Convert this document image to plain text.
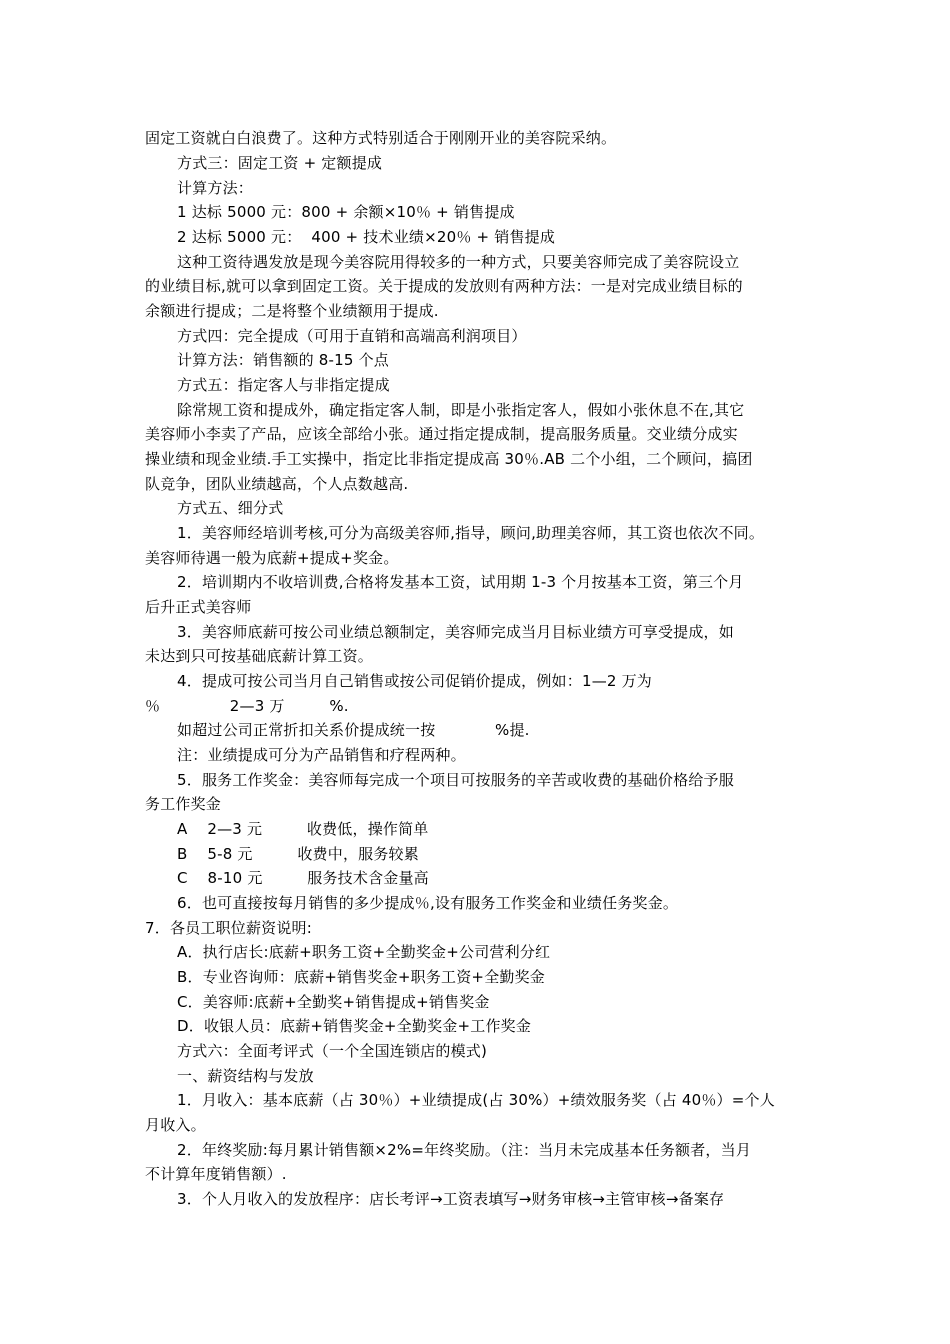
固定工资就白白浪费了。这种方式特别适合于刚刚开业的美容院采纳。
方式三：固定工资 + 定额提成
计算方法：
1 达标 5000 元：800 + 余额×10％ + 销售提成
2 达标 5000 元：  400 + 技术业绩×20％ + 销售提成
这种工资待遇发放是现今美容院用得较多的一种方式，只要美容师完成了美容院设立
的业绩目标,就可以拿到固定工资。关于提成的发放则有两种方法：一是对完成业绩目标的
余额进行提成；二是将整个业绩额用于提成.
方式四：完全提成（可用于直销和高端高利润项目）
计算方法：销售额的 8-15 个点
方式五：指定客人与非指定提成
除常规工资和提成外，确定指定客人制，即是小张指定客人，假如小张休息不在,其它
美容师小李卖了产品，应该全部给小张。通过指定提成制，提高服务质量。交业绩分成实
操业绩和现金业绩.手工实操中，指定比非指定提成高 30％.AB 二个小组，二个顾问，搞团
队竞争，团队业绩越高，个人点数越高.
方式五、细分式
1．美容师经培训考核,可分为高级美容师,指导，顾问,助理美容师，其工资也依次不同。
美容师待遇一般为底薪+提成+奖金。
2．培训期内不收培训费,合格将发基本工资，试用期 1-3 个月按基本工资，第三个月
后升正式美容师
3．美容师底薪可按公司业绩总额制定，美容师完成当月目标业绩方可享受提成，如
未达到只可按基础底薪计算工资。
4．提成可按公司当月自己销售或按公司促销价提成，例如：1—2 万为
％              2—3 万         %.
如超过公司正常折扣关系价提成统一按            %提.
注：业绩提成可分为产品销售和疗程两种。
5．服务工作奖金：美容师每完成一个项目可按服务的辛苦或收费的基础价格给予服
务工作奖金
A    2—3 元         收费低，操作简单
B    5-8 元         收费中，服务较累
C    8-10 元         服务技术含金量高
6．也可直接按每月销售的多少提成％,设有服务工作奖金和业绩任务奖金。
7．各员工职位薪资说明:
A．执行店长:底薪+职务工资+全勤奖金+公司营利分红
B．专业咨询师：底薪+销售奖金+职务工资+全勤奖金
C．美容师:底薪+全勤奖+销售提成+销售奖金
D．收银人员：底薪+销售奖金+全勤奖金+工作奖金
方式六：全面考评式（一个全国连锁店的模式)
一、薪资结构与发放
1．月收入：基本底薪（占 30％）+业绩提成(占 30%）+绩效服务奖（占 40％）=个人
月收入。
2．年终奖励:每月累计销售额×2%=年终奖励。（注：当月未完成基本任务额者，当月
不计算年度销售额）.
3．个人月收入的发放程序：店长考评→工资表填写→财务审核→主管审核→备案存
